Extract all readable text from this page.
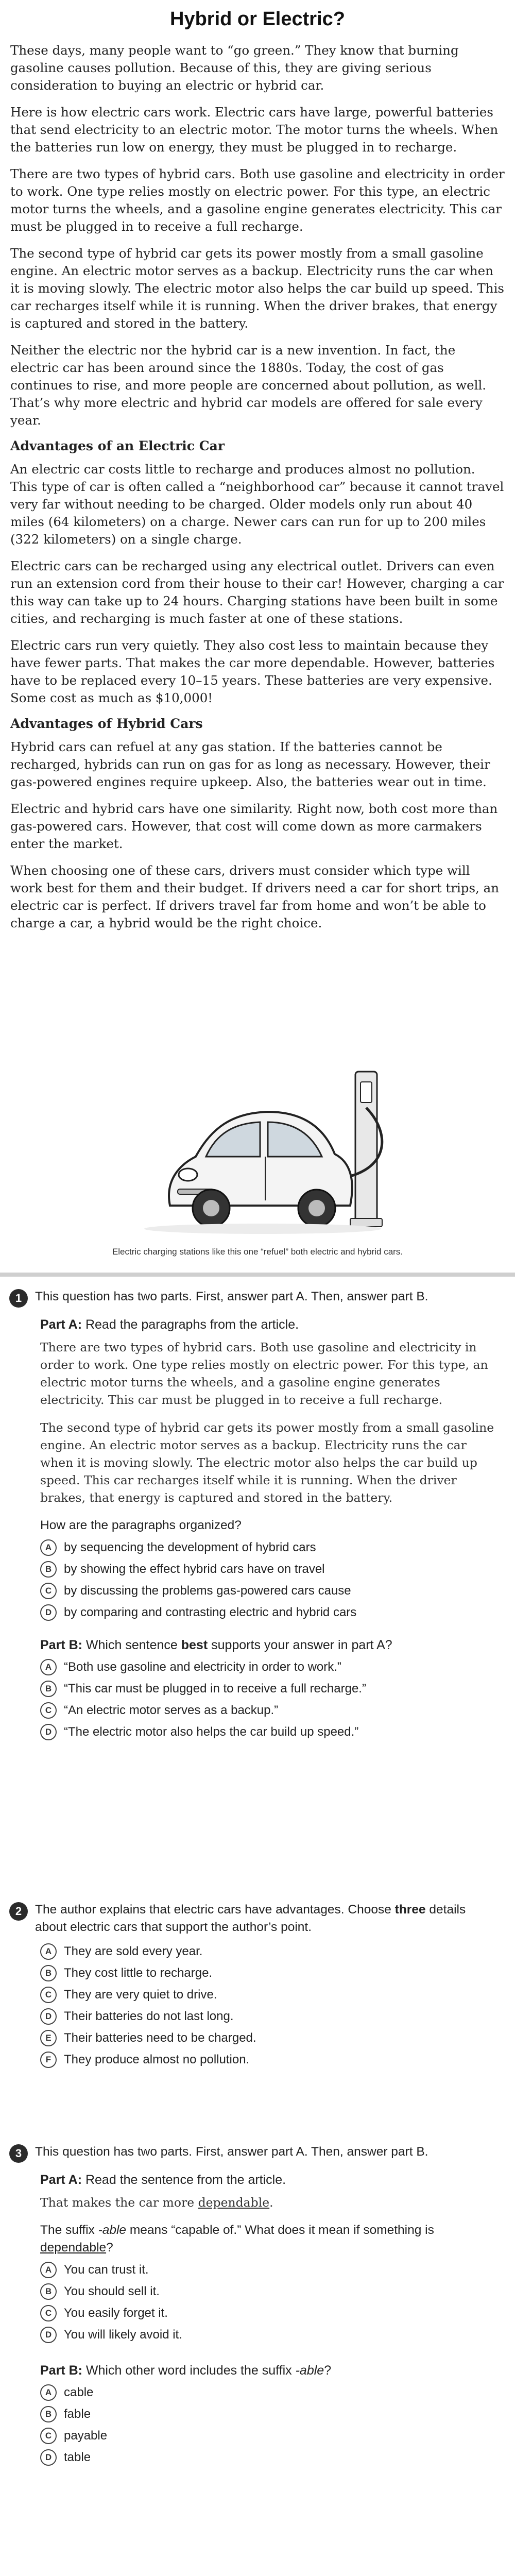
Hybrid or Electric?

These days, many people want to “go green.” They know that burning gasoline causes pollution. Because of this, they are giving serious consideration to buying an electric or hybrid car.

Here is how electric cars work. Electric cars have large, powerful batteries that send electricity to an electric motor. The motor turns the wheels. When the batteries run low on energy, they must be plugged in to recharge.

There are two types of hybrid cars. Both use gasoline and electricity in order to work. One type relies mostly on electric power. For this type, an electric motor turns the wheels, and a gasoline engine generates electricity. This car must be plugged in to receive a full recharge.

The second type of hybrid car gets its power mostly from a small gasoline engine. An electric motor serves as a backup. Electricity runs the car when it is moving slowly. The electric motor also helps the car build up speed. This car recharges itself while it is running. When the driver brakes, that energy is captured and stored in the battery.

Neither the electric nor the hybrid car is a new invention. In fact, the electric car has been around since the 1880s. Today, the cost of gas continues to rise, and more people are concerned about pollution, as well. That’s why more electric and hybrid car models are offered for sale every year.

Advantages of an Electric Car

An electric car costs little to recharge and produces almost no pollution. This type of car is often called a “neighborhood car” because it cannot travel very far without needing to be charged. Older models only run about 40 miles (64 kilometers) on a charge. Newer cars can run for up to 200 miles (322 kilometers) on a single charge.

Electric cars can be recharged using any electrical outlet. Drivers can even run an extension cord from their house to their car! However, charging a car this way can take up to 24 hours. Charging stations have been built in some cities, and recharging is much faster at one of these stations.

Electric cars run very quietly. They also cost less to maintain because they have fewer parts. That makes the car more dependable. However, batteries have to be replaced every 10–15 years. These batteries are very expensive. Some cost as much as $10,000!

Advantages of Hybrid Cars

Hybrid cars can refuel at any gas station. If the batteries cannot be recharged, hybrids can run on gas for as long as necessary. However, their gas-powered engines require upkeep. Also, the batteries wear out in time.

Electric and hybrid cars have one similarity. Right now, both cost more than gas-powered cars. However, that cost will come down as more carmakers enter the market.

When choosing one of these cars, drivers must consider which type will work best for them and their budget. If drivers need a car for short trips, an electric car is perfect. If drivers travel far from home and won’t be able to charge a car, a hybrid would be the right choice.

Electric charging stations like this one “refuel” both electric and hybrid cars.
1	This question has two parts. First, answer part A. Then, answer part B.
Part A: Read the paragraphs from the article.
There are two types of hybrid cars. Both use gasoline and electricity in order to work. One type relies mostly on electric power. For this type, an electric motor turns the wheels, and a gasoline engine generates electricity. This car must be plugged in to receive a full recharge.
The second type of hybrid car gets its power mostly from a small gasoline engine. An electric motor serves as a backup. Electricity runs the car when it is moving slowly. The electric motor also helps the car build up speed. This car recharges itself while it is running. When the driver brakes, that energy is captured and stored in the battery.
How are the paragraphs organized?
A by sequencing the development of hybrid cars
B by showing the effect hybrid cars have on travel
C by discussing the problems gas-powered cars cause
D by comparing and contrasting electric and hybrid cars
Part B: Which sentence best supports your answer in part A?
A “Both use gasoline and electricity in order to work.”
B “This car must be plugged in to receive a full recharge.”
C “An electric motor serves as a backup.”
D “The electric motor also helps the car build up speed.”
2	The author explains that electric cars have advantages. Choose three details about electric cars that support the author’s point.
A They are sold every year.
B They cost little to recharge.
C They are very quiet to drive.
D Their batteries do not last long.
E	Their batteries need to be charged.
F	They produce almost no pollution.
3	This question has two parts. First, answer part A. Then, answer part B.
Part A: Read the sentence from the article.
That makes the car more dependable.
The suffix -able means “capable of.” What does it mean if something is dependable?
A You can trust it.
B You should sell it.
C You easily forget it.
D You will likely avoid it.
Part B: Which other word includes the suffix -able?
A cable
B fable
C payable
D table
